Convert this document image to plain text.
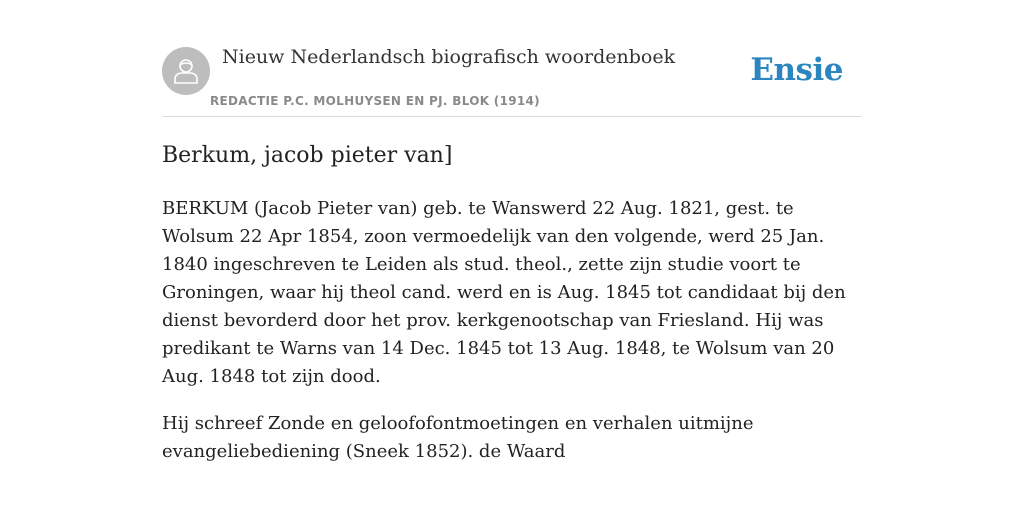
Nieuw Nederlandsch biografisch woordenboek
REDACTIE P.C. MOLHUYSEN EN PJ. BLOK (1914)
Ensie
Berkum, jacob pieter van]

BERKUM (Jacob Pieter van) geb. te Wanswerd 22 Aug. 1821, gest. te Wolsum 22 Apr 1854, zoon vermoedelijk van den volgende, werd 25 Jan. 1840 ingeschreven te Leiden als stud. theol., zette zijn studie voort te Groningen, waar hij theol cand. werd en is Aug. 1845 tot candidaat bij den dienst bevorderd door het prov. kerkgenootschap van Friesland. Hij was predikant te Warns van 14 Dec. 1845 tot 13 Aug. 1848, te Wolsum van 20 Aug. 1848 tot zijn dood.

Hij schreef Zonde en geloofofontmoetingen en verhalen uitmijne evangeliebediening (Sneek 1852). de Waard
